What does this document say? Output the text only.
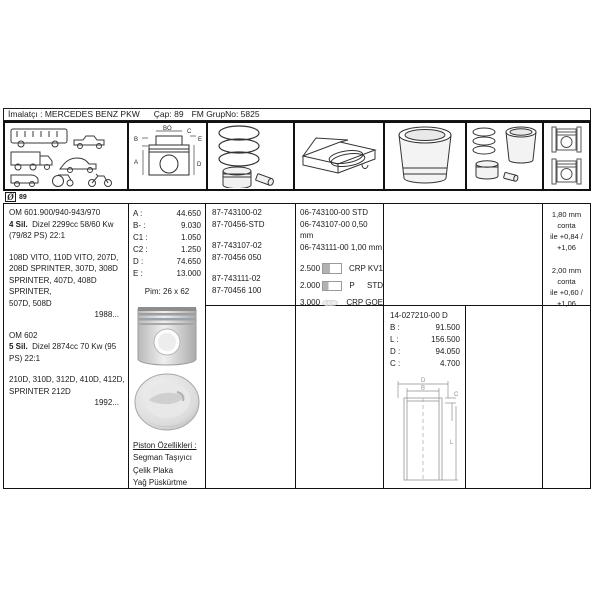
İmalatçı : MERCEDES BENZ PKW Çap: 89 FM GrupNo: 5825
BO
B
A
C
E
D
Ø 89
OM 601.900/940-943/970
4 Sil. Dizel 2299cc 58/60 Kw
(79/82 PS) 22:1
108D VITO, 110D VITO, 207D,
208D SPRINTER, 307D, 308D
SPRINTER, 407D, 408D SPRINTER,
507D, 508D
1988...
OM 602
5 Sil. Dizel 2874cc 70 Kw (95
PS) 22:1
210D, 310D, 312D, 410D, 412D,
SPRINTER 212D
1992...
A :	44.650
B- :	9.030
C1 :	1.050
C2 :	1.250
D :	74.650
E :	13.000
Pim: 26 x 62
Piston Özellikleri :
Segman Taşıyıcı
Çelik Plaka
Yağ Püskürtme
87-743100-02
87-70456-STD
87-743107-02
87-70456 050
87-743111-02
87-70456 100
06-743100-00 STD
06-743107-00 0,50 mm
06-743111-00 1,00 mm
2.500	CRP KV1
2.000	P	STD
3.000	CRP GOE
1,80 mm conta
ile +0,84 /
+1,06
2,00 mm conta
ile +0,60 /
+1,06
14-027210-00 D
B :	91.500
L :	156.500
D :	94.050
C :	4.700
D
B
C
L
